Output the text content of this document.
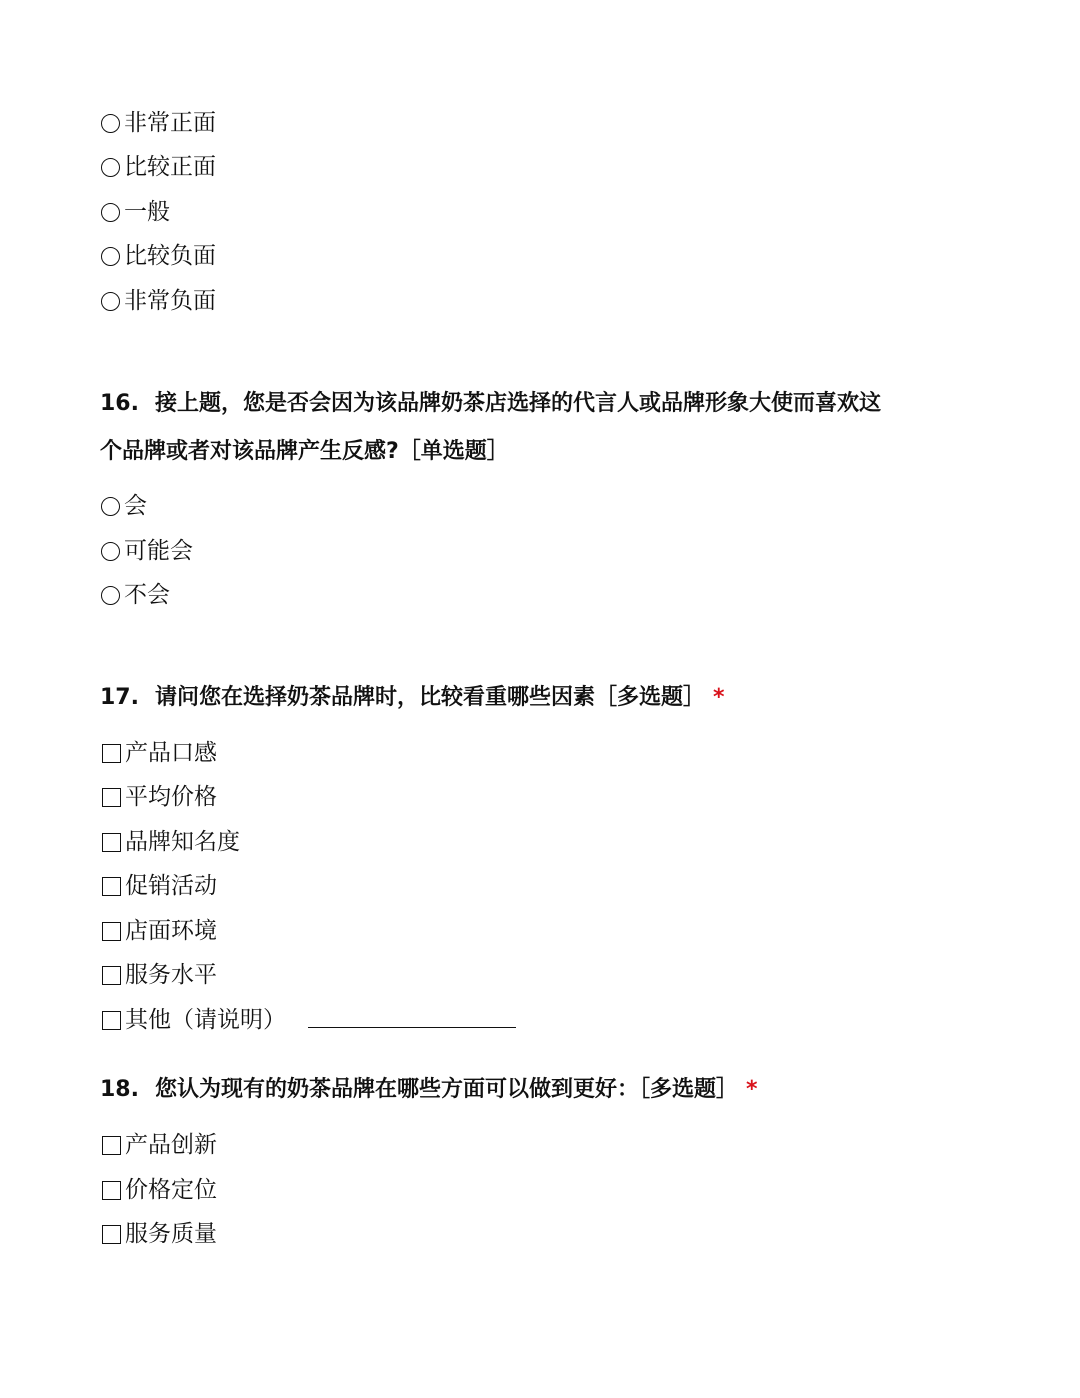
非常正面
比较正面
一般
比较负面
非常负面
16. 接上题，您是否会因为该品牌奶茶店选择的代言人或品牌形象大使而喜欢这
个品牌或者对该品牌产生反感?［单选题］
会
可能会
不会
17. 请问您在选择奶茶品牌时，比较看重哪些因素［多选题］ *
产品口感
平均价格
品牌知名度
促销活动
店面环境
服务水平
其他（请说明）
18. 您认为现有的奶茶品牌在哪些方面可以做到更好：［多选题］ *
产品创新
价格定位
服务质量
